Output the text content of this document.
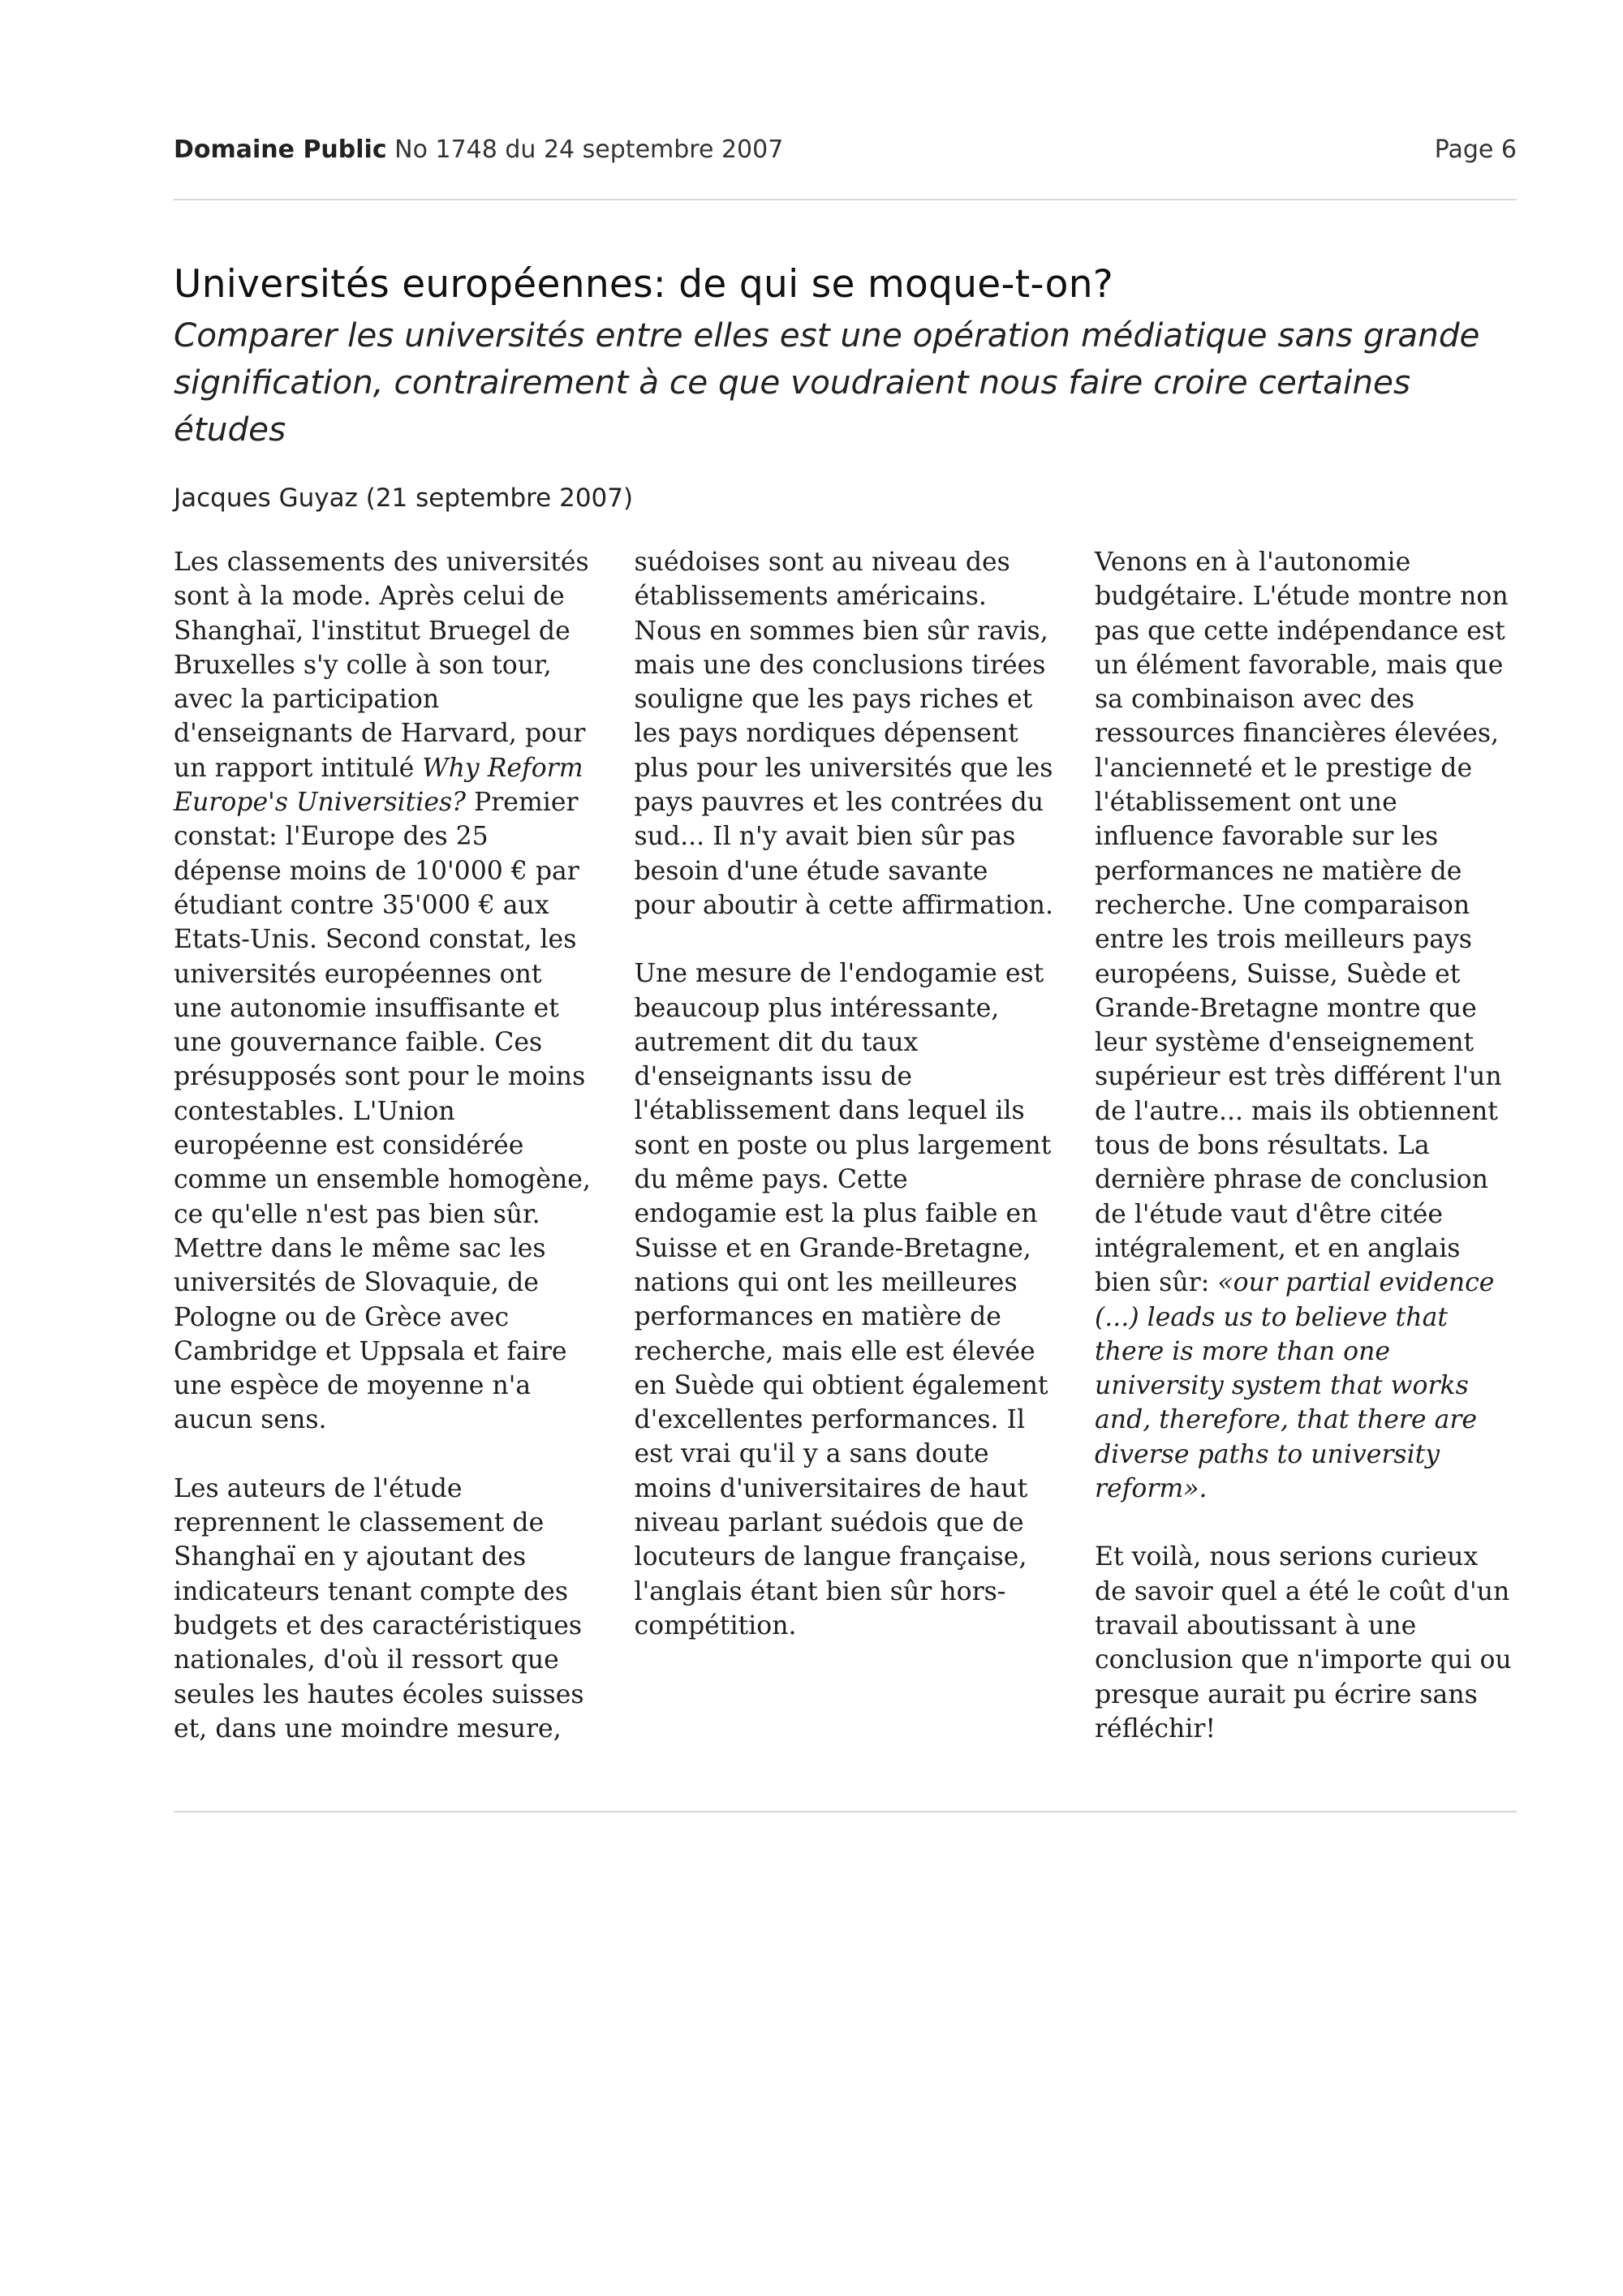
Domaine Public No 1748 du 24 septembre 2007	Page 6
Universités européennes: de qui se moque-t-on?

Comparer les universités entre elles est une opération médiatique sans grande signification, contrairement à ce que voudraient nous faire croire certaines études

Jacques Guyaz (21 septembre 2007)

Les classements des universités sont à la mode. Après celui de Shanghaï, l'institut Bruegel de Bruxelles s'y colle à son tour, avec la participation d'enseignants de Harvard, pour un rapport intitulé Why Reform Europe's Universities? Premier constat: l'Europe des 25 dépense moins de 10'000 € par étudiant contre 35'000 € aux Etats-Unis. Second constat, les universités européennes ont une autonomie insuffisante et une gouvernance faible. Ces présupposés sont pour le moins contestables. L'Union européenne est considérée comme un ensemble homogène, ce qu'elle n'est pas bien sûr. Mettre dans le même sac les universités de Slovaquie, de Pologne ou de Grèce avec Cambridge et Uppsala et faire une espèce de moyenne n'a aucun sens.

Les auteurs de l'étude reprennent le classement de Shanghaï en y ajoutant des indicateurs tenant compte des budgets et des caractéristiques nationales, d'où il ressort que seules les hautes écoles suisses et, dans une moindre mesure,

suédoises sont au niveau des établissements américains. Nous en sommes bien sûr ravis, mais une des conclusions tirées souligne que les pays riches et les pays nordiques dépensent plus pour les universités que les pays pauvres et les contrées du sud... Il n'y avait bien sûr pas besoin d'une étude savante pour aboutir à cette affirmation.

Une mesure de l'endogamie est beaucoup plus intéressante, autrement dit du taux d'enseignants issu de l'établissement dans lequel ils sont en poste ou plus largement du même pays. Cette endogamie est la plus faible en Suisse et en Grande-Bretagne, nations qui ont les meilleures performances en matière de recherche, mais elle est élevée en Suède qui obtient également d'excellentes performances. Il est vrai qu'il y a sans doute moins d'universitaires de haut niveau parlant suédois que de locuteurs de langue française, l'anglais étant bien sûr hors-compétition.

Venons en à l'autonomie budgétaire. L'étude montre non pas que cette indépendance est un élément favorable, mais que sa combinaison avec des ressources financières élevées, l'ancienneté et le prestige de l'établissement ont une influence favorable sur les performances ne matière de recherche. Une comparaison entre les trois meilleurs pays européens, Suisse, Suède et Grande-Bretagne montre que leur système d'enseignement supérieur est très différent l'un de l'autre... mais ils obtiennent tous de bons résultats. La dernière phrase de conclusion de l'étude vaut d'être citée intégralement, et en anglais bien sûr: «our partial evidence (...) leads us to believe that there is more than one university system that works and, therefore, that there are diverse paths to university reform».

Et voilà, nous serions curieux de savoir quel a été le coût d'un travail aboutissant à une conclusion que n'importe qui ou presque aurait pu écrire sans réfléchir!
